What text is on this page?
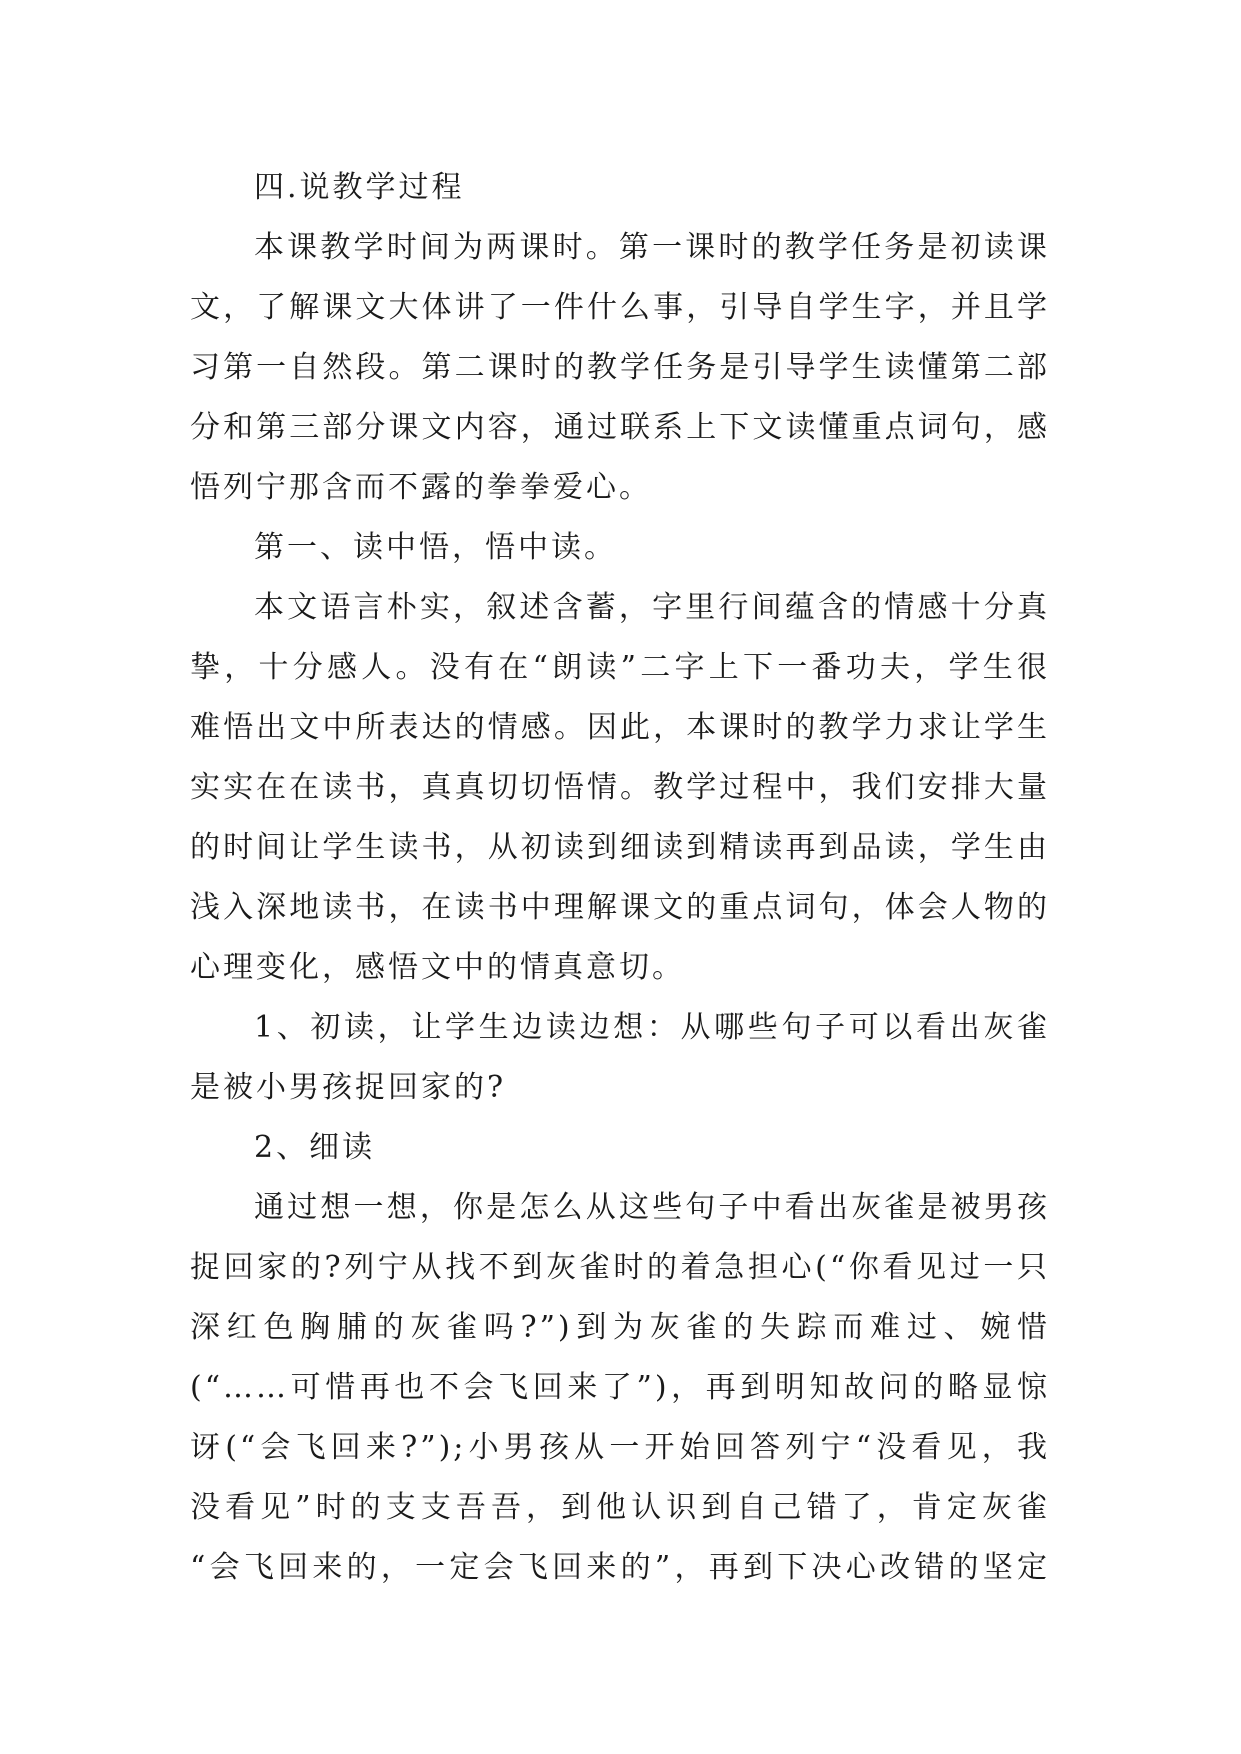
四.说教学过程

本课教学时间为两课时。第一课时的教学任务是初读课
文，了解课文大体讲了一件什么事，引导自学生字，并且学
习第一自然段。第二课时的教学任务是引导学生读懂第二部
分和第三部分课文内容，通过联系上下文读懂重点词句，感
悟列宁那含而不露的拳拳爱心。

第一、读中悟，悟中读。

本文语言朴实，叙述含蓄，字里行间蕴含的情感十分真
挚，十分感人。没有在“朗读”二字上下一番功夫，学生很
难悟出文中所表达的情感。因此，本课时的教学力求让学生
实实在在读书，真真切切悟情。教学过程中，我们安排大量
的时间让学生读书，从初读到细读到精读再到品读，学生由
浅入深地读书，在读书中理解课文的重点词句，体会人物的
心理变化，感悟文中的情真意切。

1、初读，让学生边读边想：从哪些句子可以看出灰雀
是被小男孩捉回家的?

2、细读

通过想一想，你是怎么从这些句子中看出灰雀是被男孩
捉回家的?列宁从找不到灰雀时的着急担心(“你看见过一只
深红色胸脯的灰雀吗?”)到为灰雀的失踪而难过、婉惜
(“……可惜再也不会飞回来了”)，再到明知故问的略显惊
讶(“会飞回来?”);小男孩从一开始回答列宁“没看见，我
没看见”时的支支吾吾，到他认识到自己错了，肯定灰雀
“会飞回来的，一定会飞回来的”，再到下决心改错的坚定
